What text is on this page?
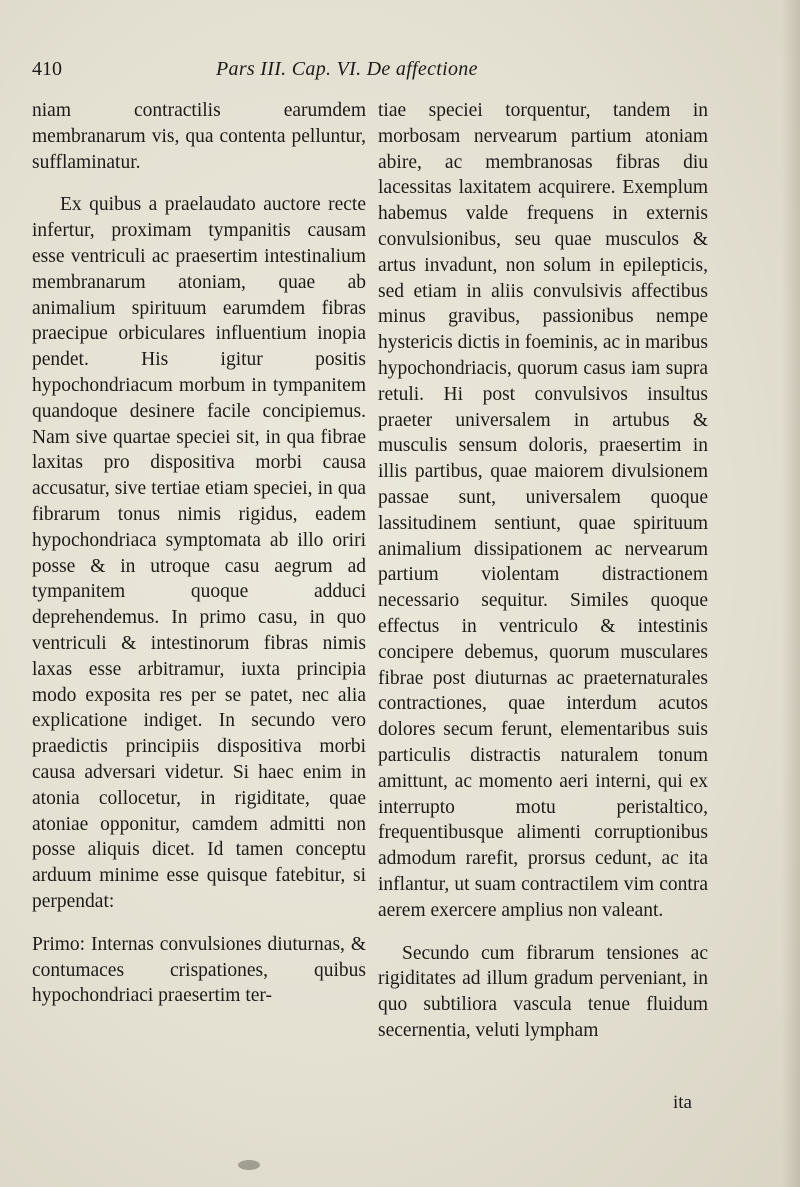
410	Pars III. Cap. VI. De affectione

niam contractilis earumdem membranarum vis, qua contenta pelluntur, sufflaminatur.

Ex quibus a praelaudato auctore recte infertur, proximam tympanitis causam esse ventriculi ac praesertim intestinalium membranarum atoniam, quae ab animalium spirituum earumdem fibras praecipue orbiculares influentium inopia pendet. His igitur positis hypochondriacum morbum in tympanitem quandoque desinere facile concipiemus. Nam sive quartae speciei sit, in qua fibrae laxitas pro dispositiva morbi causa accusatur, sive tertiae etiam speciei, in qua fibrarum tonus nimis rigidus, eadem hypochondriaca symptomata ab illo oriri posse & in utroque casu aegrum ad tympanitem quoque adduci deprehendemus. In primo casu, in quo ventriculi & intestinorum fibras nimis laxas esse arbitramur, iuxta principia modo exposita res per se patet, nec alia explicatione indiget. In secundo vero praedictis principiis dispositiva morbi causa adversari videtur. Si haec enim in atonia collocetur, in rigiditate, quae atoniae opponitur, camdem admitti non posse aliquis dicet. Id tamen conceptu arduum minime esse quisque fatebitur, si perpendat:

Primo: Internas convulsiones diuturnas, & contumaces crispationes, quibus hypochondriaci praesertim ter-

tiae speciei torquentur, tandem in morbosam nervearum partium atoniam abire, ac membranosas fibras diu lacessitas laxitatem acquirere. Exemplum habemus valde frequens in externis convulsionibus, seu quae musculos & artus invadunt, non solum in epilepticis, sed etiam in aliis convulsivis affectibus minus gravibus, passionibus nempe hystericis dictis in foeminis, ac in maribus hypochondriacis, quorum casus iam supra retuli. Hi post convulsivos insultus praeter universalem in artubus & musculis sensum doloris, praesertim in illis partibus, quae maiorem divulsionem passae sunt, universalem quoque lassitudinem sentiunt, quae spirituum animalium dissipationem ac nervearum partium violentam distractionem necessario sequitur. Similes quoque effectus in ventriculo & intestinis concipere debemus, quorum musculares fibrae post diuturnas ac praeternaturales contractiones, quae interdum acutos dolores secum ferunt, elementaribus suis particulis distractis naturalem tonum amittunt, ac momento aeri interni, qui ex interrupto motu peristaltico, frequentibusque alimenti corruptionibus admodum rarefit, prorsus cedunt, ac ita inflantur, ut suam contractilem vim contra aerem exercere amplius non valeant.

Secundo cum fibrarum tensiones ac rigiditates ad illum gradum perveniant, in quo subtiliora vascula tenue fluidum secernentia, veluti lympham

ita
